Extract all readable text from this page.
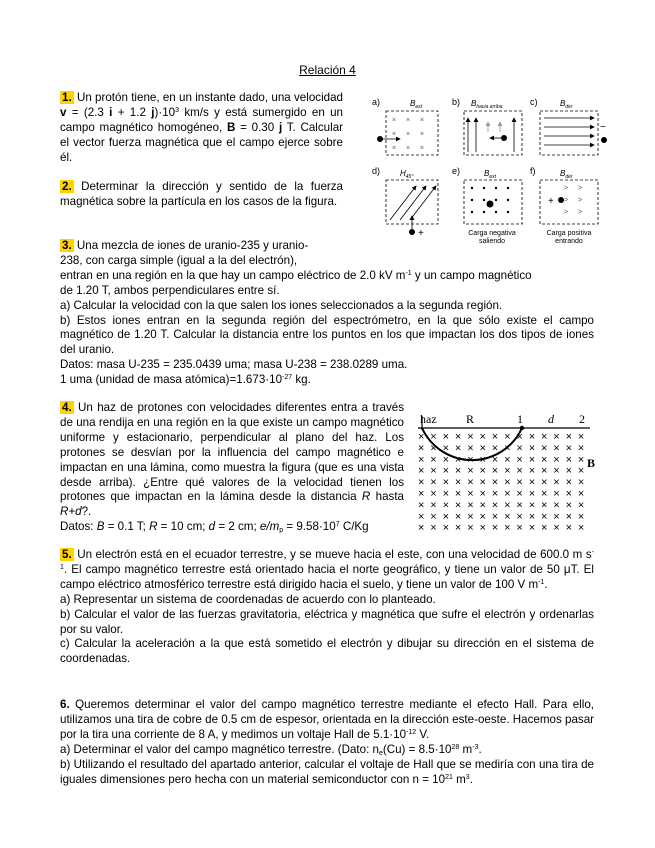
Relación 4

1. Un protón tiene, en un instante dado, una velocidad v = (2.3 i + 1.2 $j)\cdot 10^3$ km/s y está sumergido en un campo magnético homogéneo, B = 0.30 j T. Calcular el vector fuerza magnética que el campo ejerce sobre él.

2. Determinar la dirección y sentido de la fuerza magnética sobre la partícula en los casos de la figura.

a)	$B_{ext}$
× × ×
× × ×
× × ×
b) $B_{hacia arriba}$	c)	$B_{der}$
−
d) $H_{45^\circ}$
+
e)	$B_{ext}$
Carga negativa
saliendo
f)	$B_{der}$
> >
> >
> >
+
Carga positiva
entrando

3. Una mezcla de iones de uranio-235 y uranio-

238, con carga simple (igual a la del electrón),

entran en una región en la que hay un campo eléctrico de 2.0 kV $m^{-1}$ y un campo magnético

de 1.20 T, ambos perpendiculares entre sí.

a) Calcular la velocidad con la que salen los iones seleccionados a la segunda región.

b) Estos iones entran en la segunda región del espectrómetro, en la que sólo existe el campo magnético de 1.20 T. Calcular la distancia entre los puntos en los que impactan los dos tipos de iones del uranio.

Datos: masa U-235 = 235.0439 uma; masa U-238 = 238.0289 uma.

1 uma (unidad de masa $atómica)=1.673\cdot 10^{-27}$ kg.

4. Un haz de protones con velocidades diferentes entra a través de una rendija en una región en la que existe un campo magnético uniforme y estacionario, perpendicular al plano del haz. Los protones se desvían por la influencia del campo magnético e impactan en una lámina, como muestra la figura (que es una vista desde arriba). ¿Entre qué valores de la velocidad tienen los protones que impactan en la lámina desde la distancia R hasta R+d?.

Datos: B = 0.1 T; R = 10 cm; d = 2 cm; $e/m_p = 9.58\cdot 10^7$ C/Kg

haz R	1 d 2
B
× × × × × × × × × × × × × ×
× × × × × × × × × × × × × ×
× × × × × × × × × × × × × ×
× × × × × × × × × × × × × ×
× × × × × × × × × × × × × ×
× × × × × × × × × × × × × ×
× × × × × × × × × × × × × ×
× × × × × × × × × × × × × ×
× × × × × × × × × × × × × ×

5. Un electrón está en el ecuador terrestre, y se mueve hacia el este, con una velocidad de 600.0 m $s^{-1}$. El campo magnético terrestre está orientado hacia el norte geográfico, y tiene un valor de 50 μT. El campo eléctrico atmosférico terrestre está dirigido hacia el suelo, y tiene un valor de 100 V $m^{-1}$.

a) Representar un sistema de coordenadas de acuerdo con lo planteado.

b) Calcular el valor de las fuerzas gravitatoria, eléctrica y magnética que sufre el electrón y ordenarlas por su valor.

c) Calcular la aceleración a la que está sometido el electrón y dibujar su dirección en el sistema de coordenadas.

6. Queremos determinar el valor del campo magnético terrestre mediante el efecto Hall. Para ello, utilizamos una tira de cobre de 0.5 cm de espesor, orientada en la dirección este-oeste. Hacemos pasar por la tira una corriente de 8 A, y medimos un voltaje Hall de $5.1\cdot 10^{-12}$ V.

a) Determinar el valor del campo magnético terrestre. (Dato: $n_e(Cu) = 8.5\cdot 10^{28}$ $m^{-3}$.

b) Utilizando el resultado del apartado anterior, calcular el voltaje de Hall que se mediría con una tira de iguales dimensiones pero hecha con un material semiconductor con $n = 10^{21}$ $m^3$.
